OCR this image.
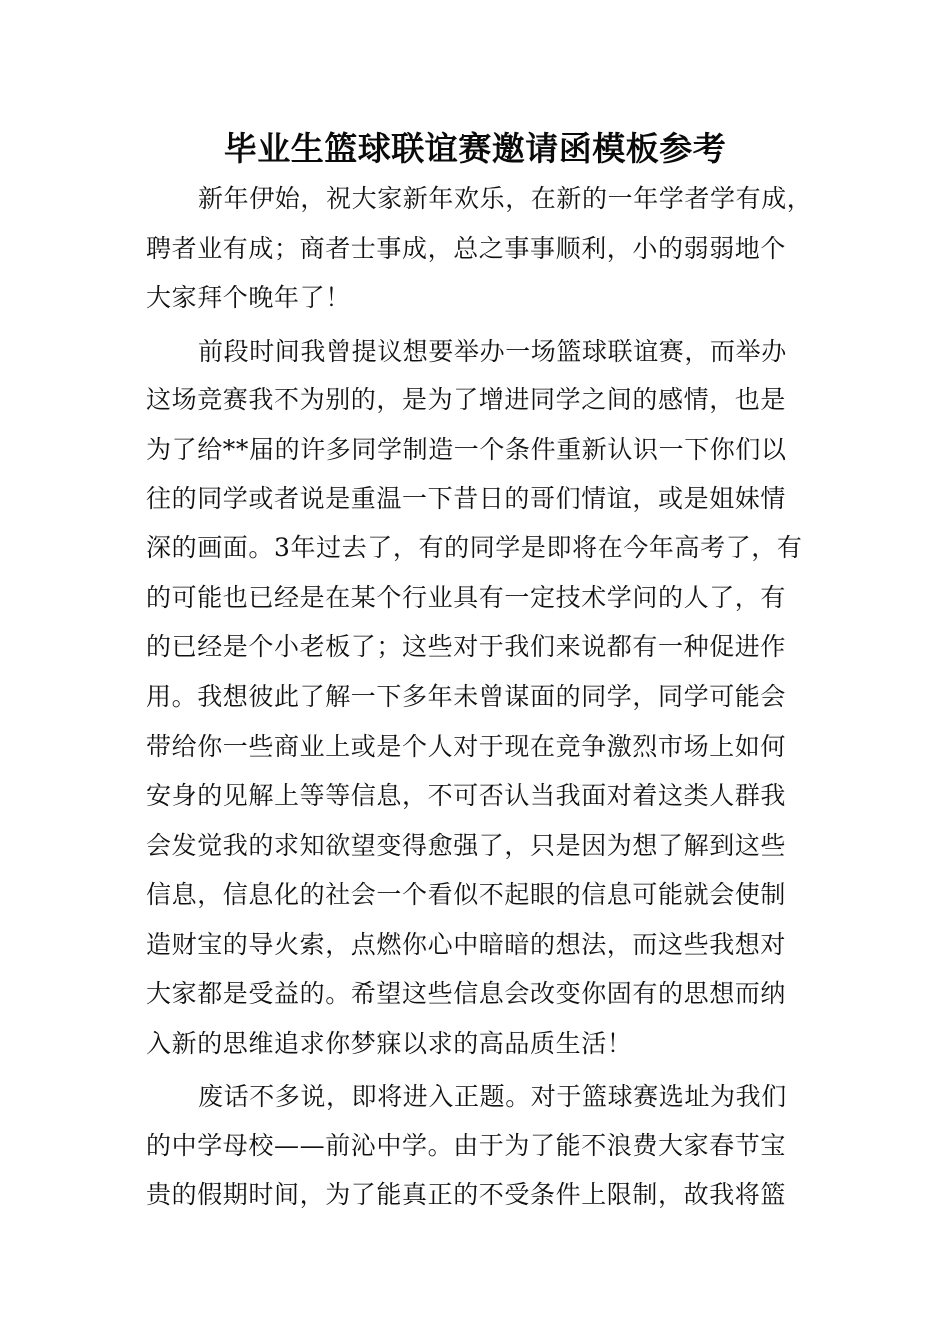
毕业生篮球联谊赛邀请函模板参考
新年伊始，祝大家新年欢乐，在新的一年学者学有成，
聘者业有成；商者士事成，总之事事顺利，小的弱弱地个
大家拜个晚年了！
前段时间我曾提议想要举办一场篮球联谊赛，而举办
这场竞赛我不为别的，是为了增进同学之间的感情，也是
为了给**届的许多同学制造一个条件重新认识一下你们以
往的同学或者说是重温一下昔日的哥们情谊，或是姐妹情
深的画面。3年过去了，有的同学是即将在今年高考了，有
的可能也已经是在某个行业具有一定技术学问的人了，有
的已经是个小老板了；这些对于我们来说都有一种促进作
用。我想彼此了解一下多年未曾谋面的同学，同学可能会
带给你一些商业上或是个人对于现在竞争激烈市场上如何
安身的见解上等等信息，不可否认当我面对着这类人群我
会发觉我的求知欲望变得愈强了，只是因为想了解到这些
信息，信息化的社会一个看似不起眼的信息可能就会使制
造财宝的导火索，点燃你心中暗暗的想法，而这些我想对
大家都是受益的。希望这些信息会改变你固有的思想而纳
入新的思维追求你梦寐以求的高品质生活！
废话不多说，即将进入正题。对于篮球赛选址为我们
的中学母校——前沁中学。由于为了能不浪费大家春节宝
贵的假期时间，为了能真正的不受条件上限制，故我将篮
